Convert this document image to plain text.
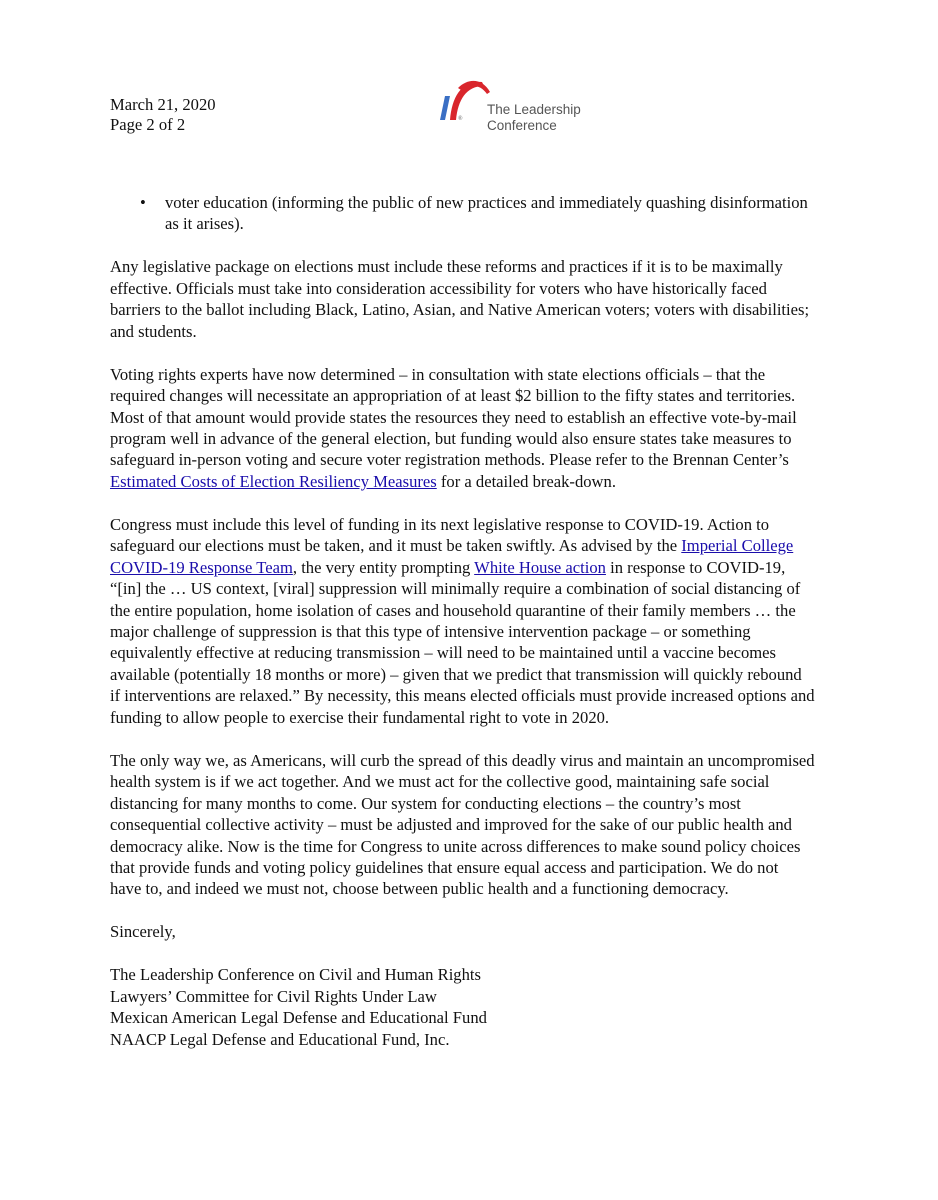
March 21, 2020
Page 2 of 2	®
The Leadership
Conference
• voter education (informing the public of new practices and immediately quashing disinformation
as it arises).

Any legislative package on elections must include these reforms and practices if it is to be maximally
effective. Officials must take into consideration accessibility for voters who have historically faced
barriers to the ballot including Black, Latino, Asian, and Native American voters; voters with disabilities;
and students.

Voting rights experts have now determined – in consultation with state elections officials – that the
required changes will necessitate an appropriation of at least $2 billion to the fifty states and territories.
Most of that amount would provide states the resources they need to establish an effective vote-by-mail
program well in advance of the general election, but funding would also ensure states take measures to
safeguard in-person voting and secure voter registration methods. Please refer to the Brennan Center’s
Estimated Costs of Election Resiliency Measures for a detailed break-down.

Congress must include this level of funding in its next legislative response to COVID-19. Action to
safeguard our elections must be taken, and it must be taken swiftly. As advised by the Imperial College
COVID-19 Response Team, the very entity prompting White House action in response to COVID-19,
“[in] the … US context, [viral] suppression will minimally require a combination of social distancing of
the entire population, home isolation of cases and household quarantine of their family members … the
major challenge of suppression is that this type of intensive intervention package – or something
equivalently effective at reducing transmission – will need to be maintained until a vaccine becomes
available (potentially 18 months or more) – given that we predict that transmission will quickly rebound
if interventions are relaxed.” By necessity, this means elected officials must provide increased options and
funding to allow people to exercise their fundamental right to vote in 2020.

The only way we, as Americans, will curb the spread of this deadly virus and maintain an uncompromised
health system is if we act together. And we must act for the collective good, maintaining safe social
distancing for many months to come. Our system for conducting elections – the country’s most
consequential collective activity – must be adjusted and improved for the sake of our public health and
democracy alike. Now is the time for Congress to unite across differences to make sound policy choices
that provide funds and voting policy guidelines that ensure equal access and participation. We do not
have to, and indeed we must not, choose between public health and a functioning democracy.

Sincerely,

The Leadership Conference on Civil and Human Rights
Lawyers’ Committee for Civil Rights Under Law
Mexican American Legal Defense and Educational Fund
NAACP Legal Defense and Educational Fund, Inc.
